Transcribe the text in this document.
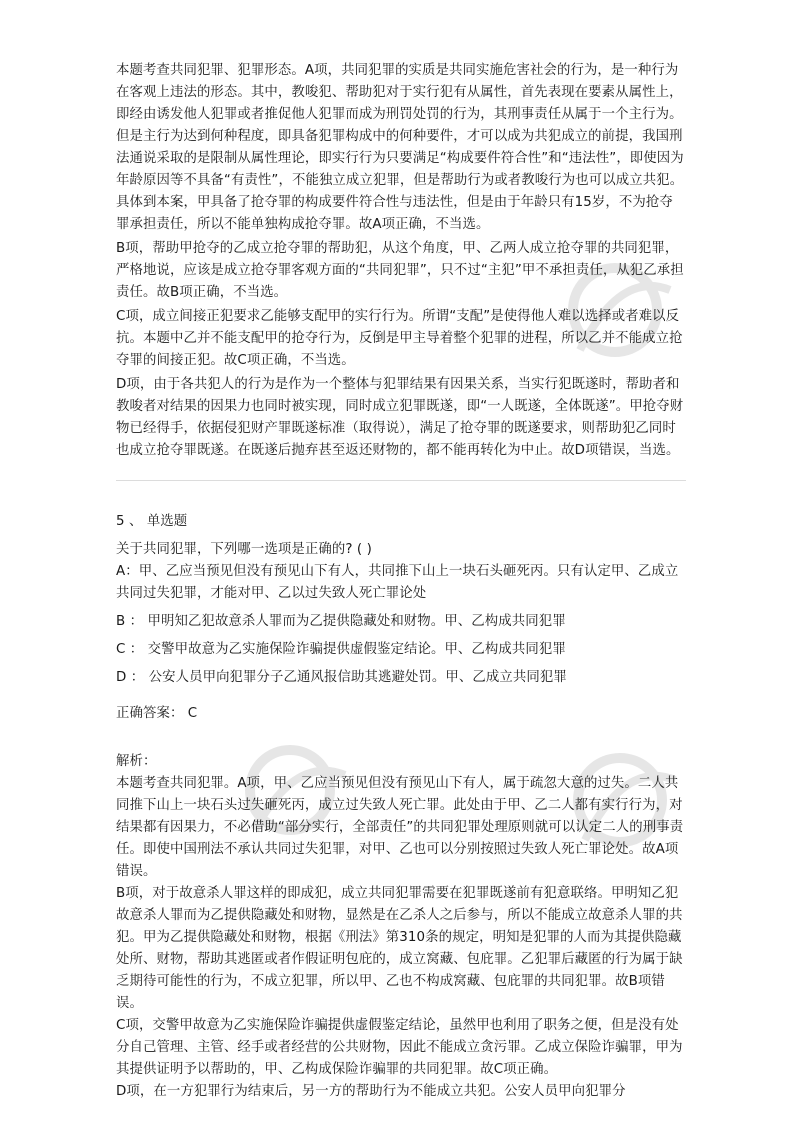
本题考查共同犯罪、犯罪形态。A项，共同犯罪的实质是共同实施危害社会的行为，是一种行为在客观上违法的形态。其中，教唆犯、帮助犯对于实行犯有从属性，首先表现在要素从属性上，即经由诱发他人犯罪或者推促他人犯罪而成为刑罚处罚的行为，其刑事责任从属于一个主行为。但是主行为达到何种程度，即具备犯罪构成中的何种要件，才可以成为共犯成立的前提，我国刑法通说采取的是限制从属性理论，即实行行为只要满足“构成要件符合性”和“违法性”，即使因为年龄原因等不具备“有责性”，不能独立成立犯罪，但是帮助行为或者教唆行为也可以成立共犯。具体到本案，甲具备了抢夺罪的构成要件符合性与违法性，但是由于年龄只有15岁，不为抢夺罪承担责任，所以不能单独构成抢夺罪。故A项正确，不当选。

B项，帮助甲抢夺的乙成立抢夺罪的帮助犯，从这个角度，甲、乙两人成立抢夺罪的共同犯罪，严格地说，应该是成立抢夺罪客观方面的“共同犯罪”，只不过“主犯”甲不承担责任，从犯乙承担责任。故B项正确，不当选。

C项，成立间接正犯要求乙能够支配甲的实行行为。所谓“支配”是使得他人难以选择或者难以反抗。本题中乙并不能支配甲的抢夺行为，反倒是甲主导着整个犯罪的进程，所以乙并不能成立抢夺罪的间接正犯。故C项正确，不当选。

D项，由于各共犯人的行为是作为一个整体与犯罪结果有因果关系，当实行犯既遂时，帮助者和教唆者对结果的因果力也同时被实现，同时成立犯罪既遂，即“一人既遂，全体既遂”。甲抢夺财物已经得手，依据侵犯财产罪既遂标准（取得说），满足了抢夺罪的既遂要求，则帮助犯乙同时也成立抢夺罪既遂。在既遂后抛弃甚至返还财物的，都不能再转化为中止。故D项错误，当选。

5 、 单选题

关于共同犯罪，下列哪一选项是正确的? ( )

A：甲、乙应当预见但没有预见山下有人，共同推下山上一块石头砸死丙。只有认定甲、乙成立共同过失犯罪，才能对甲、乙以过失致人死亡罪论处

B ： 甲明知乙犯故意杀人罪而为乙提供隐藏处和财物。甲、乙构成共同犯罪

C ： 交警甲故意为乙实施保险诈骗提供虚假鉴定结论。甲、乙构成共同犯罪

D ： 公安人员甲向犯罪分子乙通风报信助其逃避处罚。甲、乙成立共同犯罪

正确答案： C

解析：

本题考查共同犯罪。A项，甲、乙应当预见但没有预见山下有人，属于疏忽大意的过失。二人共同推下山上一块石头过失砸死丙，成立过失致人死亡罪。此处由于甲、乙二人都有实行行为，对结果都有因果力，不必借助“部分实行，全部责任”的共同犯罪处理原则就可以认定二人的刑事责任。即使中国刑法不承认共同过失犯罪，对甲、乙也可以分别按照过失致人死亡罪论处。故A项错误。

B项，对于故意杀人罪这样的即成犯，成立共同犯罪需要在犯罪既遂前有犯意联络。甲明知乙犯故意杀人罪而为乙提供隐藏处和财物，显然是在乙杀人之后参与，所以不能成立故意杀人罪的共犯。甲为乙提供隐藏处和财物，根据《刑法》第310条的规定，明知是犯罪的人而为其提供隐藏处所、财物，帮助其逃匿或者作假证明包庇的，成立窝藏、包庇罪。乙犯罪后藏匿的行为属于缺乏期待可能性的行为，不成立犯罪，所以甲、乙也不构成窝藏、包庇罪的共同犯罪。故B项错误。

C项，交警甲故意为乙实施保险诈骗提供虚假鉴定结论，虽然甲也利用了职务之便，但是没有处分自己管理、主管、经手或者经营的公共财物，因此不能成立贪污罪。乙成立保险诈骗罪，甲为其提供证明予以帮助的，甲、乙构成保险诈骗罪的共同犯罪。故C项正确。

D项，在一方犯罪行为结束后，另一方的帮助行为不能成立共犯。公安人员甲向犯罪分
